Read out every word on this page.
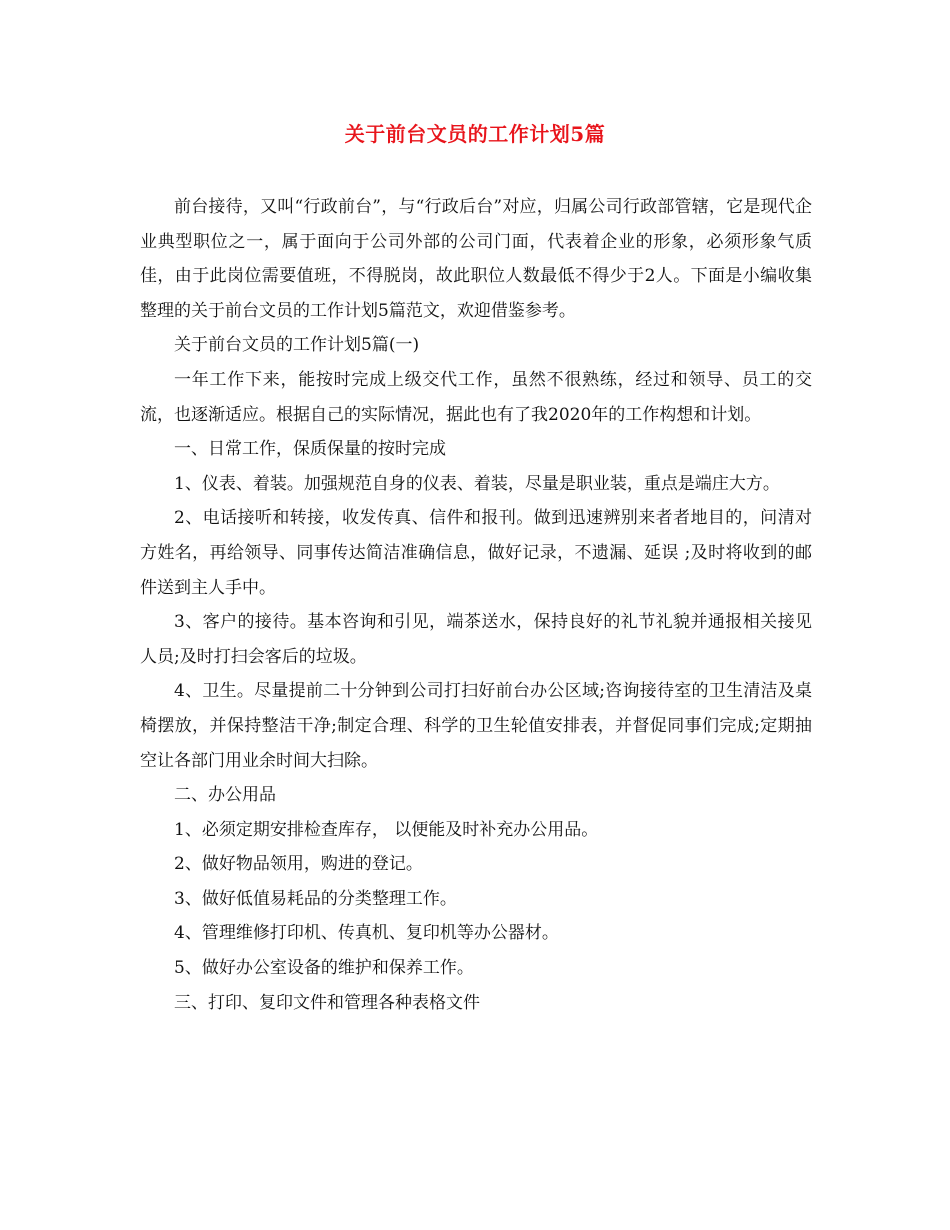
关于前台文员的工作计划5篇

前台接待，又叫“行政前台”，与“行政后台”对应，归属公司行政部管辖，它是现代企业典型职位之一，属于面向于公司外部的公司门面，代表着企业的形象，必须形象气质佳，由于此岗位需要值班，不得脱岗，故此职位人数最低不得少于2人。下面是小编收集整理的关于前台文员的工作计划5篇范文，欢迎借鉴参考。

关于前台文员的工作计划5篇(一)

一年工作下来，能按时完成上级交代工作，虽然不很熟练，经过和领导、员工的交流，也逐渐适应。根据自己的实际情况，据此也有了我2020年的工作构想和计划。

一、日常工作，保质保量的按时完成

1、仪表、着装。加强规范自身的仪表、着装，尽量是职业装，重点是端庄大方。

2、电话接听和转接，收发传真、信件和报刊。做到迅速辨别来者者地目的，问清对方姓名，再给领导、同事传达简洁准确信息，做好记录，不遗漏、延误 ;及时将收到的邮件送到主人手中。

3、客户的接待。基本咨询和引见，端茶送水，保持良好的礼节礼貌并通报相关接见人员;及时打扫会客后的垃圾。

4、卫生。尽量提前二十分钟到公司打扫好前台办公区域;咨询接待室的卫生清洁及桌椅摆放，并保持整洁干净;制定合理、科学的卫生轮值安排表，并督促同事们完成;定期抽空让各部门用业余时间大扫除。

二、办公用品

1、必须定期安排检查库存， 以便能及时补充办公用品。

2、做好物品领用，购进的登记。

3、做好低值易耗品的分类整理工作。

4、管理维修打印机、传真机、复印机等办公器材。

5、做好办公室设备的维护和保养工作。

三、打印、复印文件和管理各种表格文件
